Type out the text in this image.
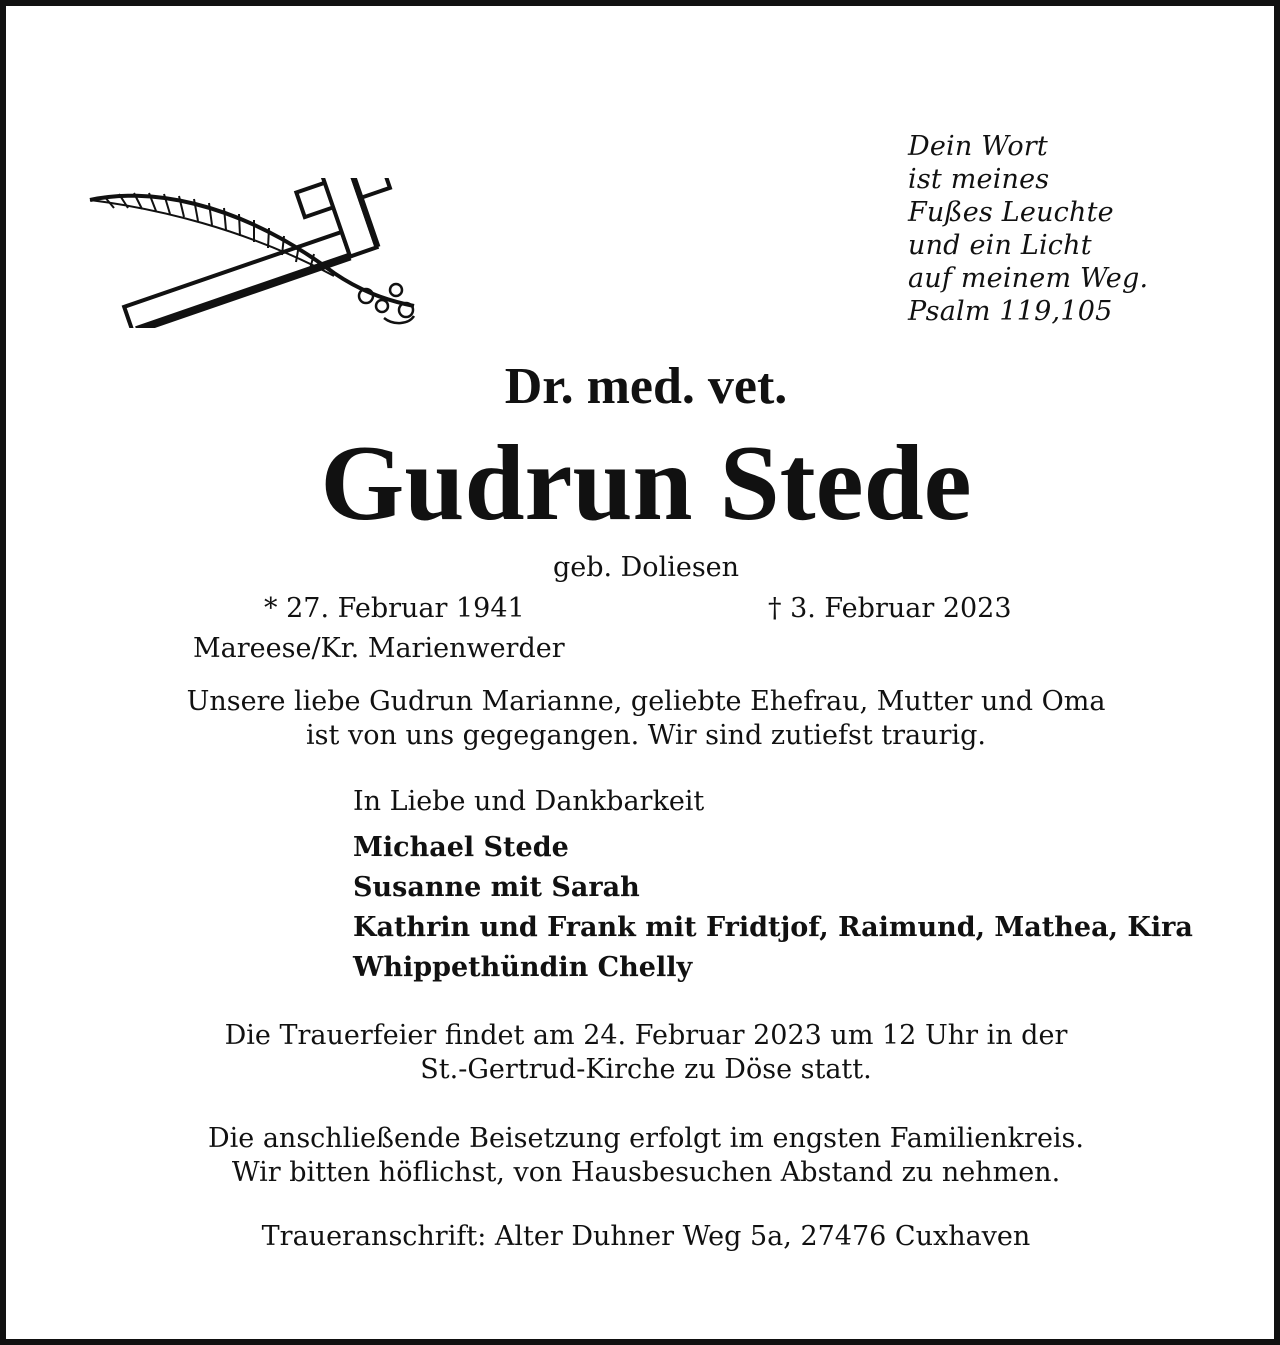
Dein Wort
ist meines
Fußes Leuchte
und ein Licht
auf meinem Weg.
Psalm 119,105
Dr. med. vet.
Gudrun Stede
geb. Doliesen
* 27. Februar 1941	† 3. Februar 2023
Mareese/Kr. Marienwerder
Unsere liebe Gudrun Marianne, geliebte Ehefrau, Mutter und Oma
ist von uns gegegangen. Wir sind zutiefst traurig.
In Liebe und Dankbarkeit
Michael Stede
Susanne mit Sarah
Kathrin und Frank mit Fridtjof, Raimund, Mathea, Kira
Whippethündin Chelly
Die Trauerfeier findet am 24. Februar 2023 um 12 Uhr in der
St.-Gertrud-Kirche zu Döse statt.
Die anschließende Beisetzung erfolgt im engsten Familienkreis.
Wir bitten höflichst, von Hausbesuchen Abstand zu nehmen.
Traueranschrift: Alter Duhner Weg 5a, 27476 Cuxhaven
